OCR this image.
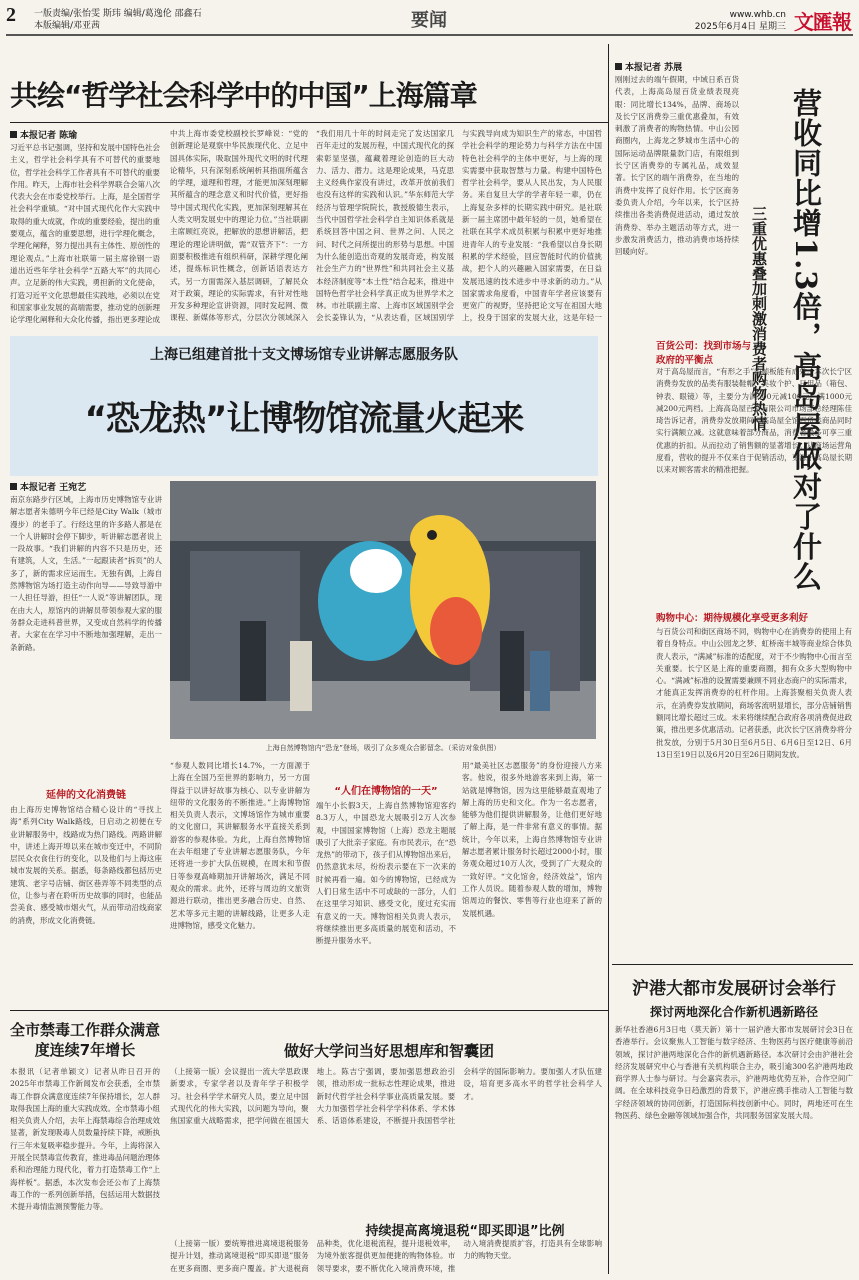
2 一版责编/张怡雯 斯玮 编辑/葛逸伦 邵鑫石
本版编辑/邓亚茜	要闻	www.whb.cn
2025年6月4日 星期三 文匯報
共绘“哲学社会科学中的中国”上海篇章
本报记者 陈瑜
习近平总书记强调，坚持和发展中国特色社会主义，哲学社会科学具有不可替代的重要地位，哲学社会科学工作者具有不可替代的重要作用。昨天，上海市社会科学界联合会第八次代表大会在市委党校举行。上海，是全国哲学社会科学重镇。“对中国式现代化作大实践中取得的重大成就，作成的重要经验，提出的重要观点，蕴含的重要思想，进行学理化概念，学理化阐释，努力提出具有主体性、原创性的理论观点。”上海市社联第一届主席徐钢一语道出近些年学社会科学“五路大军”的共同心声。立足新的伟大实践，勇担新的文化使命，打造习近平文化思想最佳实践地，必须以在党和国家事业发展的高端需要，推动党的创新理论学理化阐释和大众化传播，指出更多理论成
中共上海市委党校副校长罗峰说：“党的创新理论是观察中华民族现代化、立足中国具体实际，吸取国外现代文明的时代理论精华，只有深刻系统阐析其指面所蕴含的学理，道理和哲理，才能更加深刻理解其所蕴含的理念意义和时代价值，更好指导中国式现代化实践，更加深刻理解其在人类文明发展史中的理论力位。”当社联副主席顾红亮说，把解放的思想讲解活，把理论的理论讲明做，需“双管齐下”：一方面要积极推进有组织科研，深耕学理化阐述，提炼标识性概念，创新话语表达方式，另一方面需深入基层调研，了解民众对于政策，理论的实际需求，有针对性地开发多种理论宣讲资源，同时发起网、微课程、新媒体等形式，分层次分领域深入
“我们用几十年的时间走完了发达国家几百年走过的发展历程，中国式现代化的探索彰显坚强，蕴藏着理论创造的巨大动力、活力、潜力。这是理论成果，马克思主义经典作家没有讲过，改革开放前我们也没有这样的实践和认识。”华东师范大学经济与管理学院院长，教授殷德生表示，当代中国哲学社会科学自主知识体系就是系统回答中国之问、世界之问、人民之问、时代之问所提出的形势与思想。中国为什么能创造出奇观的发展奇迹，构发展社会生产力的“世界性”和共同社会主义基本经济制度等“本土性”结合起来，推进中国特色哲学社会科学真正成为世界学术之林。市社联副主席、上海市区域国别学会会长姜锋认为，“从表达看，区域国别学
与实践导向成为知识生产的常态，中国哲学社会科学的理论势力与科学方法在中国特色社会科学的主体中更好，与上海的现实需要中获取智慧与力量。构建中国特色哲学社会科学，要从人民出发，为人民服务。来自复旦大学的学者年轻一辈，仍在上海复杂多样的长期实践中研究。是社联新一届主席团中最年轻的一员，她希望在社联在其学术成员积累与积累中更好地推进青年人的专业发展：“我希望以自身长期积累的学术经验，回应智能时代的价值挑战，把个人的兴趣融入国家需要，在日益发展迅速的技术进步中寻求新的动力。”从国家需求角度看，中国青年学者应该要有更宽广的视野，坚持把论文写在祖国大地上，投身于国家的发展大业，这是年轻一
上海已组建首批十支文博场馆专业讲解志愿服务队
“恐龙热”让博物馆流量火起来
本报记者 王宛艺
南京东路步行区域，上海市历史博物馆专业讲解志愿者朱德明今年已经是City Walk（城市漫步）的老手了。行经这里的许多路人都是在一个人讲解时会停下脚步，听讲解志愿者说上一段故事。“我们讲解的内容不只是历史，还有建筑，人文，生活。”一起跟读者“拆页”的人多了，新的需求应运而生。无独有偶，上海自然博物馆为场打造主动作向导——导致导游中一人担任导游，担任“一人说”等讲解团队，现在由大人，原馆内的讲解员带领参观大家的服务群众走进科普世界，又变成自然科学的传播者。大家在在学习中不断地加强理解，走出一条新路。
上海自然博物馆内“恐龙”登场，吸引了众多观众合影留念。（采访对象供图）
延伸的文化消费链
由上海历史博物馆结合精心设计的“寻找上海”系列City Walk路线，日启动之初便在专业讲解服务中，线路成为热门路线。两路讲解中，讲述上海开埠以来在城市变迁中，不同阶层民众衣食住行的变化，以及他们与上海这座城市发展的关系。据悉，每条路线都包括历史建筑、老字号店铺、街区巷弄等不同类型的点位，让参与者在聆听历史故事的同时，也能品尝美食、感受城市烟火气，从而带动沿线商家的消费，形成文化消费链。
“参观人数同比增长14.7%，一方面源于上海在全国乃至世界的影响力，另一方面得益于以讲好故事为核心、以专业讲解为纽带的文化服务的不断推进。”上海博物馆相关负责人表示，文博场馆作为城市重要的文化窗口，其讲解服务水平直接关系到游客的参观体验。为此，上海自然博物馆在去年组建了专业讲解志愿服务队，今年还将进一步扩大队伍规模，在周末和节假日等参观高峰期加开讲解场次，满足不同观众的需求。此外，还将与周边的文旅资源进行联动，推出更多融合历史、自然、艺术等多元主题的讲解线路，让更多人走进博物馆，感受文化魅力。
“人们在博物馆的一天”
端午小长假3天，上海自然博物馆迎客约8.3万人，中国恐龙大展吸引2万人次参观，中国国家博物馆（上海）恐龙主题展吸引了大批亲子家庭。有市民表示，在“恐龙热”的带动下，孩子们从博物馆出来后，仍然意犹未尽，纷纷表示要在下一次来的时候再看一遍。如今的博物馆，已经成为人们日常生活中不可或缺的一部分，人们在这里学习知识、感受文化，度过充实而有意义的一天。博物馆相关负责人表示，将继续推出更多高质量的展览和活动，不断提升服务水平。
用“最美社区志愿服务”的身份迎接八方来客。他说，很多外地游客来到上海，第一站就是博物馆，因为这里能够最直观地了解上海的历史和文化。作为一名志愿者，能够为他们提供讲解服务，让他们更好地了解上海，是一件非常有意义的事情。据统计，今年以来，上海自然博物馆专业讲解志愿者累计服务时长超过2000小时，服务观众超过10万人次，受到了广大观众的一致好评。“文化馆舍，经济效益”，馆内工作人员说。随着参观人数的增加，博物馆周边的餐饮、零售等行业也迎来了新的发展机遇。
本报记者 苏展
营收同比增1.3倍，高岛屋做对了什么
三重优惠叠加刺激消费者购物热情
刚刚过去的端午假期，中域日系百货代表，上海高岛屋百货业绩表现亮眼：同比增长134%，品牌、商场以及长宁区消费券三重优惠叠加，有效刺激了消费者的购物热情。中山公园商圈内，上海龙之梦城市生活中心的国际运动品牌限量款门店，有限组到长宁区消费券的专属礼品，成效显著。长宁区的端午消费券，在当地的消费中发挥了良好作用。长宁区商务委负责人介绍，今年以来，长宁区持续推出各类消费促进活动，通过发放消费券、举办主题活动等方式，进一步激发消费活力，推动消费市场持续回暖向好。
百货公司：找到市场与政府的平衡点
对于高岛屋而言，“有形之手”的帧板能有成效。本次长宁区消费券发放的品类有服装鞋帽、美妆个护、日用品（箱包、钟表、眼镜）等，主要分为满500元减100元、满1000元减200元两档。上海高岛屋百货有限公司市场部总经理陈佳琦告诉记者，消费券发放期间，高岛屋全馆百货类商品同时实行满额立减。这就意味着部分商品，消费者最多可享三重优惠的折扣。从而拉动了销售额的显著增长。从商场运营角度看，营收的提升不仅来自于促销活动，更源于高岛屋长期以来对顾客需求的精准把握。
购物中心：期待规模化享受更多利好
与百货公司和街区商场不同，购物中心在消费券的使用上有着自身特点。中山公园龙之梦、虹桥南丰城等商业综合体负责人表示，“满减”标准的适配度，对于不少购物中心而言至关重要。长宁区是上海的重要商圈，拥有众多大型购物中心。“满减”标准的设置需要兼顾不同业态商户的实际需求，才能真正发挥消费券的杠杆作用。上海荟聚相关负责人表示，在消费券发放期间，商场客流明显增长，部分店铺销售额同比增长超过三成。未来将继续配合政府各项消费促进政策，推出更多优惠活动。记者获悉，此次长宁区消费券将分批发放，分别于5月30日至6月5日、6月6日至12日、6月13日至19日以及6月20日至26日期间发放。
沪港大都市发展研讨会举行
探讨两地深化合作新机遇新路径
新华社香港6月3日电（莫天新）第十一届沪港大都市发展研讨会3日在香港举行。会议聚焦人工智能与数字经济、生物医药与医疗健康等前沿领域，探讨沪港两地深化合作的新机遇新路径。本次研讨会由沪港社会经济发展研究中心与香港有关机构联合主办，吸引逾300名沪港两地政商学界人士参与研讨。与会嘉宾表示，沪港两地优势互补，合作空间广阔。在全球科技竞争日趋激烈的背景下，沪港应携手推动人工智能与数字经济领域的协同创新，打造国际科技创新中心。同时，两地还可在生物医药、绿色金融等领域加强合作，共同服务国家发展大局。
全市禁毒工作群众满意度连续7年增长
本报讯（记者单颖文）记者从昨日召开的2025年市禁毒工作新闻发布会获悉，全市禁毒工作群众满意度连续7年保持增长，怎人群取得我国上海的重大实践成效。全市禁毒小组相关负责人介绍，去年上海禁毒综合治理成效显著，新发现吸毒人员数量持续下降，戒断执行三年未复吸率稳步提升。今年，上海将深入开展全民禁毒宣传教育，推进毒品问题治理体系和治理能力现代化，着力打造禁毒工作“上海样板”。据悉，本次发布会还公布了上海禁毒工作的一系列创新举措，包括运用大数据技术提升毒情监测预警能力等。
做好大学问当好思想库和智囊团
（上接第一版）会议提出一流大学思政课新要求，专家学者以及青年学子积极学习。社会科学学术研究人员，要立足中国式现代化的伟大实践，以问题为导向，聚焦国家重大战略需求，把学问做在祖国大地上。陈吉宁强调，要加强思想政治引领，推动形成一批标志性理论成果，推进新时代哲学社会科学事业高质量发展。要大力加强哲学社会科学学科体系、学术体系、话语体系建设，不断提升我国哲学社会科学的国际影响力。要加强人才队伍建设，培育更多高水平的哲学社会科学人才。
持续提高离境退税“即买即退”比例
（上接第一版）要统筹推进离境退税服务提升计划，推动离境退税“即买即退”服务在更多商圈、更多商户覆盖。扩大退税商品种类，优化退税流程，提升退税效率，为境外旅客提供更加便捷的购物体验。市领导要求，要不断优化入境消费环境，推动入境消费提质扩容，打造具有全球影响力的购物天堂。
